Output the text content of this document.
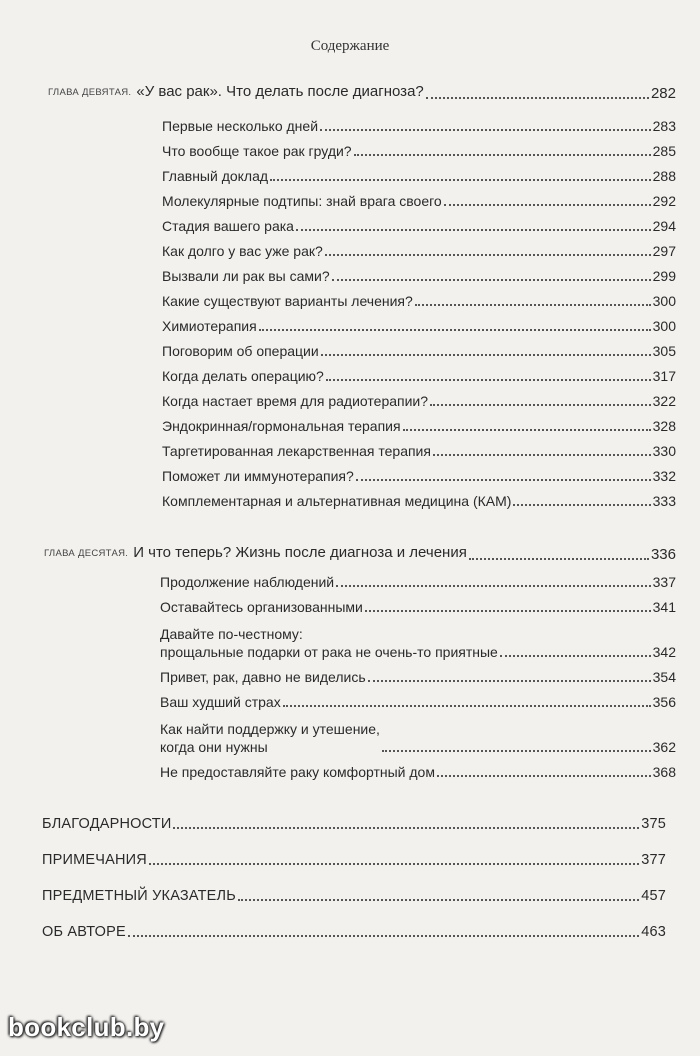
Содержание
ГЛАВА ДЕВЯТАЯ. «У вас рак». Что делать после диагноза?	282
Первые несколько дней	283
Что вообще такое рак груди?	285
Главный доклад	288
Молекулярные подтипы: знай врага своего	292
Стадия вашего рака	294
Как долго у вас уже рак?	297
Вызвали ли рак вы сами?	299
Какие существуют варианты лечения?	300
Химиотерапия	300
Поговорим об операции	305
Когда делать операцию?	317
Когда настает время для радиотерапии?	322
Эндокринная/гормональная терапия	328
Таргетированная лекарственная терапия	330
Поможет ли иммунотерапия?	332
Комплементарная и альтернативная медицина (КАМ)	333
ГЛАВА ДЕСЯТАЯ. И что теперь? Жизнь после диагноза и лечения	336
Продолжение наблюдений	337
Оставайтесь организованными	341
Давайте по-честному:
прощальные подарки от рака не очень-то приятные	342
Привет, рак, давно не виделись	354
Ваш худший страх	356
Как найти поддержку и утешение,
когда они нужны	362
Не предоставляйте раку комфортный дом	368
БЛАГОДАРНОСТИ	375
ПРИМЕЧАНИЯ	377
ПРЕДМЕТНЫЙ УКАЗАТЕЛЬ	457
ОБ АВТОРЕ	463
bookclub.by
